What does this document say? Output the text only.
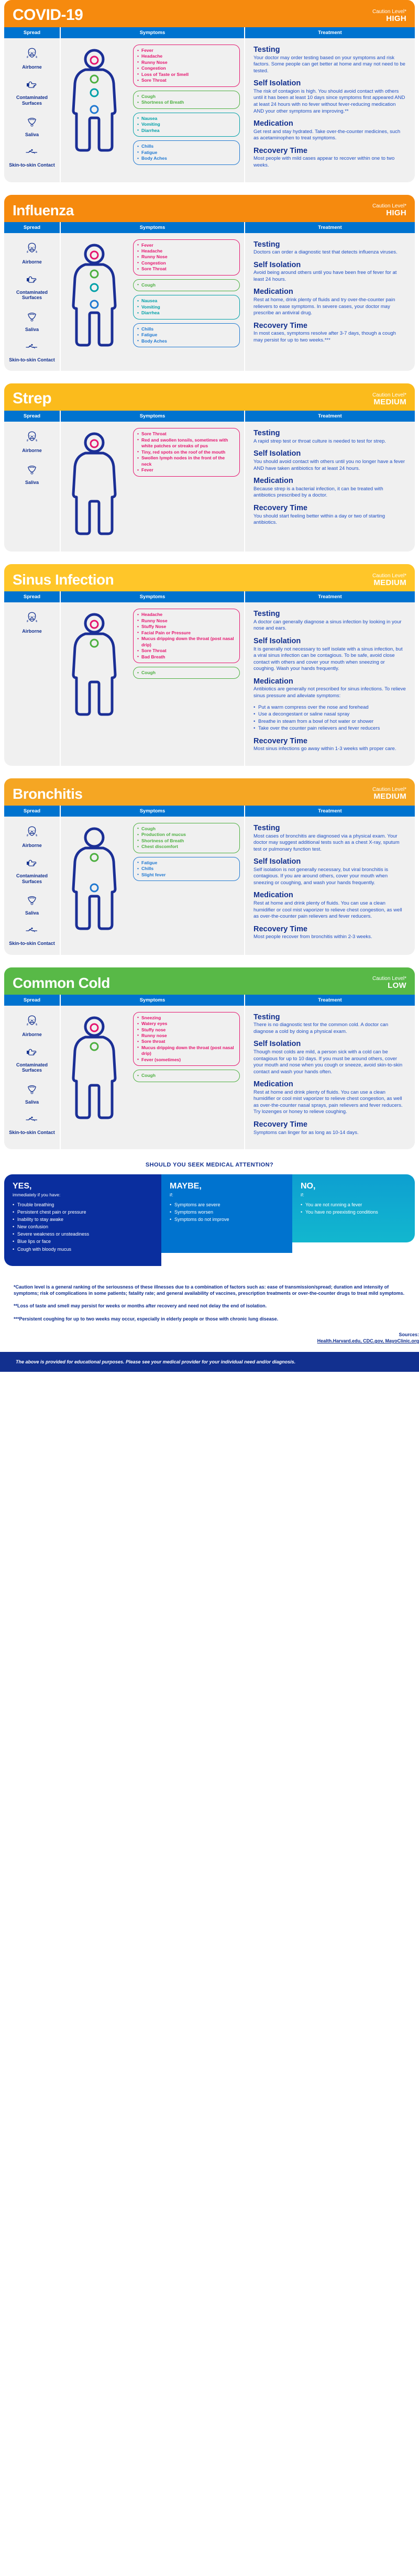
COVID-19	Caution Level*
HIGH
Spread	Symptoms	Treatment
Airborne
Contaminated Surfaces
Saliva
Skin-to-skin Contact
• Fever
• Headache
• Runny Nose
• Congestion
• Loss of Taste or Smell
• Sore Throat
• Cough
• Shortness of Breath
• Nausea
• Vomiting
• Diarrhea
• Chills
• Fatigue
• Body Aches
Testing
Your doctor may order testing based on your symptoms and risk factors. Some people can get better at home and may not need to be tested.
Self Isolation
The risk of contagion is high. You should avoid contact with others until it has been at least 10 days since symptoms first appeared AND at least 24 hours with no fever without fever-reducing medication AND your other symptoms are improving.**
Medication
Get rest and stay hydrated. Take over-the-counter medicines, such as acetaminophen to treat symptoms.
Recovery Time
Most people with mild cases appear to recover within one to two weeks.
Influenza	Caution Level*
HIGH
Spread	Symptoms	Treatment
Airborne
Contaminated Surfaces
Saliva
Skin-to-skin Contact
• Fever
• Headache
• Runny Nose
• Congestion
• Sore Throat
• Cough
• Nausea
• Vomiting
• Diarrhea
• Chills
• Fatigue
• Body Aches
Testing
Doctors can order a diagnostic test that detects influenza viruses.
Self Isolation
Avoid being around others until you have been free of fever for at least 24 hours.
Medication
Rest at home, drink plenty of fluids and try over-the-counter pain relievers to ease symptoms. In severe cases, your doctor may prescribe an antiviral drug.
Recovery Time
In most cases, symptoms resolve after 3-7 days, though a cough may persist for up to two weeks.***
Strep	Caution Level*
MEDIUM
Spread	Symptoms	Treatment
Airborne
Saliva
• Sore Throat
• Red and swollen tonsils, sometimes with white patches or streaks of pus
• Tiny, red spots on the roof of the mouth
• Swollen lymph nodes in the front of the neck
• Fever
Testing
A rapid strep test or throat culture is needed to test for strep.
Self Isolation
You should avoid contact with others until you no longer have a fever AND have taken antibiotics for at least 24 hours.
Medication
Because strep is a bacterial infection, it can be treated with antibiotics prescribed by a doctor.
Recovery Time
You should start feeling better within a day or two of starting antibiotics.
Sinus Infection	Caution Level*
MEDIUM
Spread	Symptoms	Treatment
Airborne
• Headache
• Runny Nose
• Stuffy Nose
• Facial Pain or Pressure
• Mucus dripping down the throat (post nasal drip)
• Sore Throat
• Bad Breath
• Cough
Testing
A doctor can generally diagnose a sinus infection by looking in your nose and ears.
Self Isolation
It is generally not necessary to self isolate with a sinus infection, but a viral sinus infection can be contagious. To be safe, avoid close contact with others and cover your mouth when sneezing or coughing. Wash your hands frequently.
Medication
Antibiotics are generally not prescribed for sinus infections. To relieve sinus pressure and alleviate symptoms:
• Put a warm compress over the nose and forehead
• Use a decongestant or saline nasal spray
• Breathe in steam from a bowl of hot water or shower
• Take over the counter pain relievers and fever reducers
Recovery Time
Most sinus infections go away within 1-3 weeks with proper care.
Bronchitis	Caution Level*
MEDIUM
Spread	Symptoms	Treatment
Airborne
Contaminated Surfaces
Saliva
Skin-to-skin Contact
• Cough
• Production of mucus
• Shortness of Breath
• Chest discomfort
• Fatigue
• Chills
• Slight fever
Testing
Most cases of bronchitis are diagnosed via a physical exam. Your doctor may suggest additional tests such as a chest X-ray, sputum test or pulmonary function test.
Self Isolation
Self isolation is not generally necessary, but viral bronchitis is contagious. If you are around others, cover your mouth when sneezing or coughing, and wash your hands frequently.
Medication
Rest at home and drink plenty of fluids. You can use a clean humidifier or cool mist vaporizer to relieve chest congestion, as well as over-the-counter pain relievers and fever reducers.
Recovery Time
Most people recover from bronchitis within 2-3 weeks.
Common Cold	Caution Level*
LOW
Spread	Symptoms	Treatment
Airborne
Contaminated Surfaces
Saliva
Skin-to-skin Contact
• Sneezing
• Watery eyes
• Stuffy nose
• Runny nose
• Sore throat
• Mucus dripping down the throat (post nasal drip)
• Fever (sometimes)
• Cough
Testing
There is no diagnostic test for the common cold. A doctor can diagnose a cold by doing a physical exam.
Self Isolation
Though most colds are mild, a person sick with a cold can be contagious for up to 10 days. If you must be around others, cover your mouth and nose when you cough or sneeze, avoid skin-to-skin contact and wash your hands often.
Medication
Rest at home and drink plenty of fluids. You can use a clean humidifier or cool mist vaporizer to relieve chest congestion, as well as over-the-counter nasal sprays, pain relievers and fever reducers. Try lozenges or honey to relieve coughing.
Recovery Time
Symptoms can linger for as long as 10-14 days.
SHOULD YOU SEEK MEDICAL ATTENTION?
YES,
immediately if you have:
• Trouble breathing
• Persistent chest pain or pressure
• Inability to stay awake
• New confusion
• Severe weakness or unsteadiness
• Blue lips or face
• Cough with bloody mucus
MAYBE,
if:
• Symptoms are severe
• Symptoms worsen
• Symptoms do not improve
NO,
if:
• You are not running a fever
• You have no preexisting conditions
*Caution level is a general ranking of the seriousness of these illnesses due to a combination of factors such as: ease of transmission/spread; duration and intensity of symptoms; risk of complications in some patients; fatality rate; and general availability of vaccines, prescription treatments or over-the-counter drugs to treat mild symptoms.
**Loss of taste and smell may persist for weeks or months after recovery and need not delay the end of isolation.
***Persistent coughing for up to two weeks may occur, especially in elderly people or those with chronic lung disease.
Sources:
Health.Harvard.edu, CDC.gov, MayoClinic.org
The above is provided for educational purposes. Please see your medical provider for your individual need and/or diagnosis.
